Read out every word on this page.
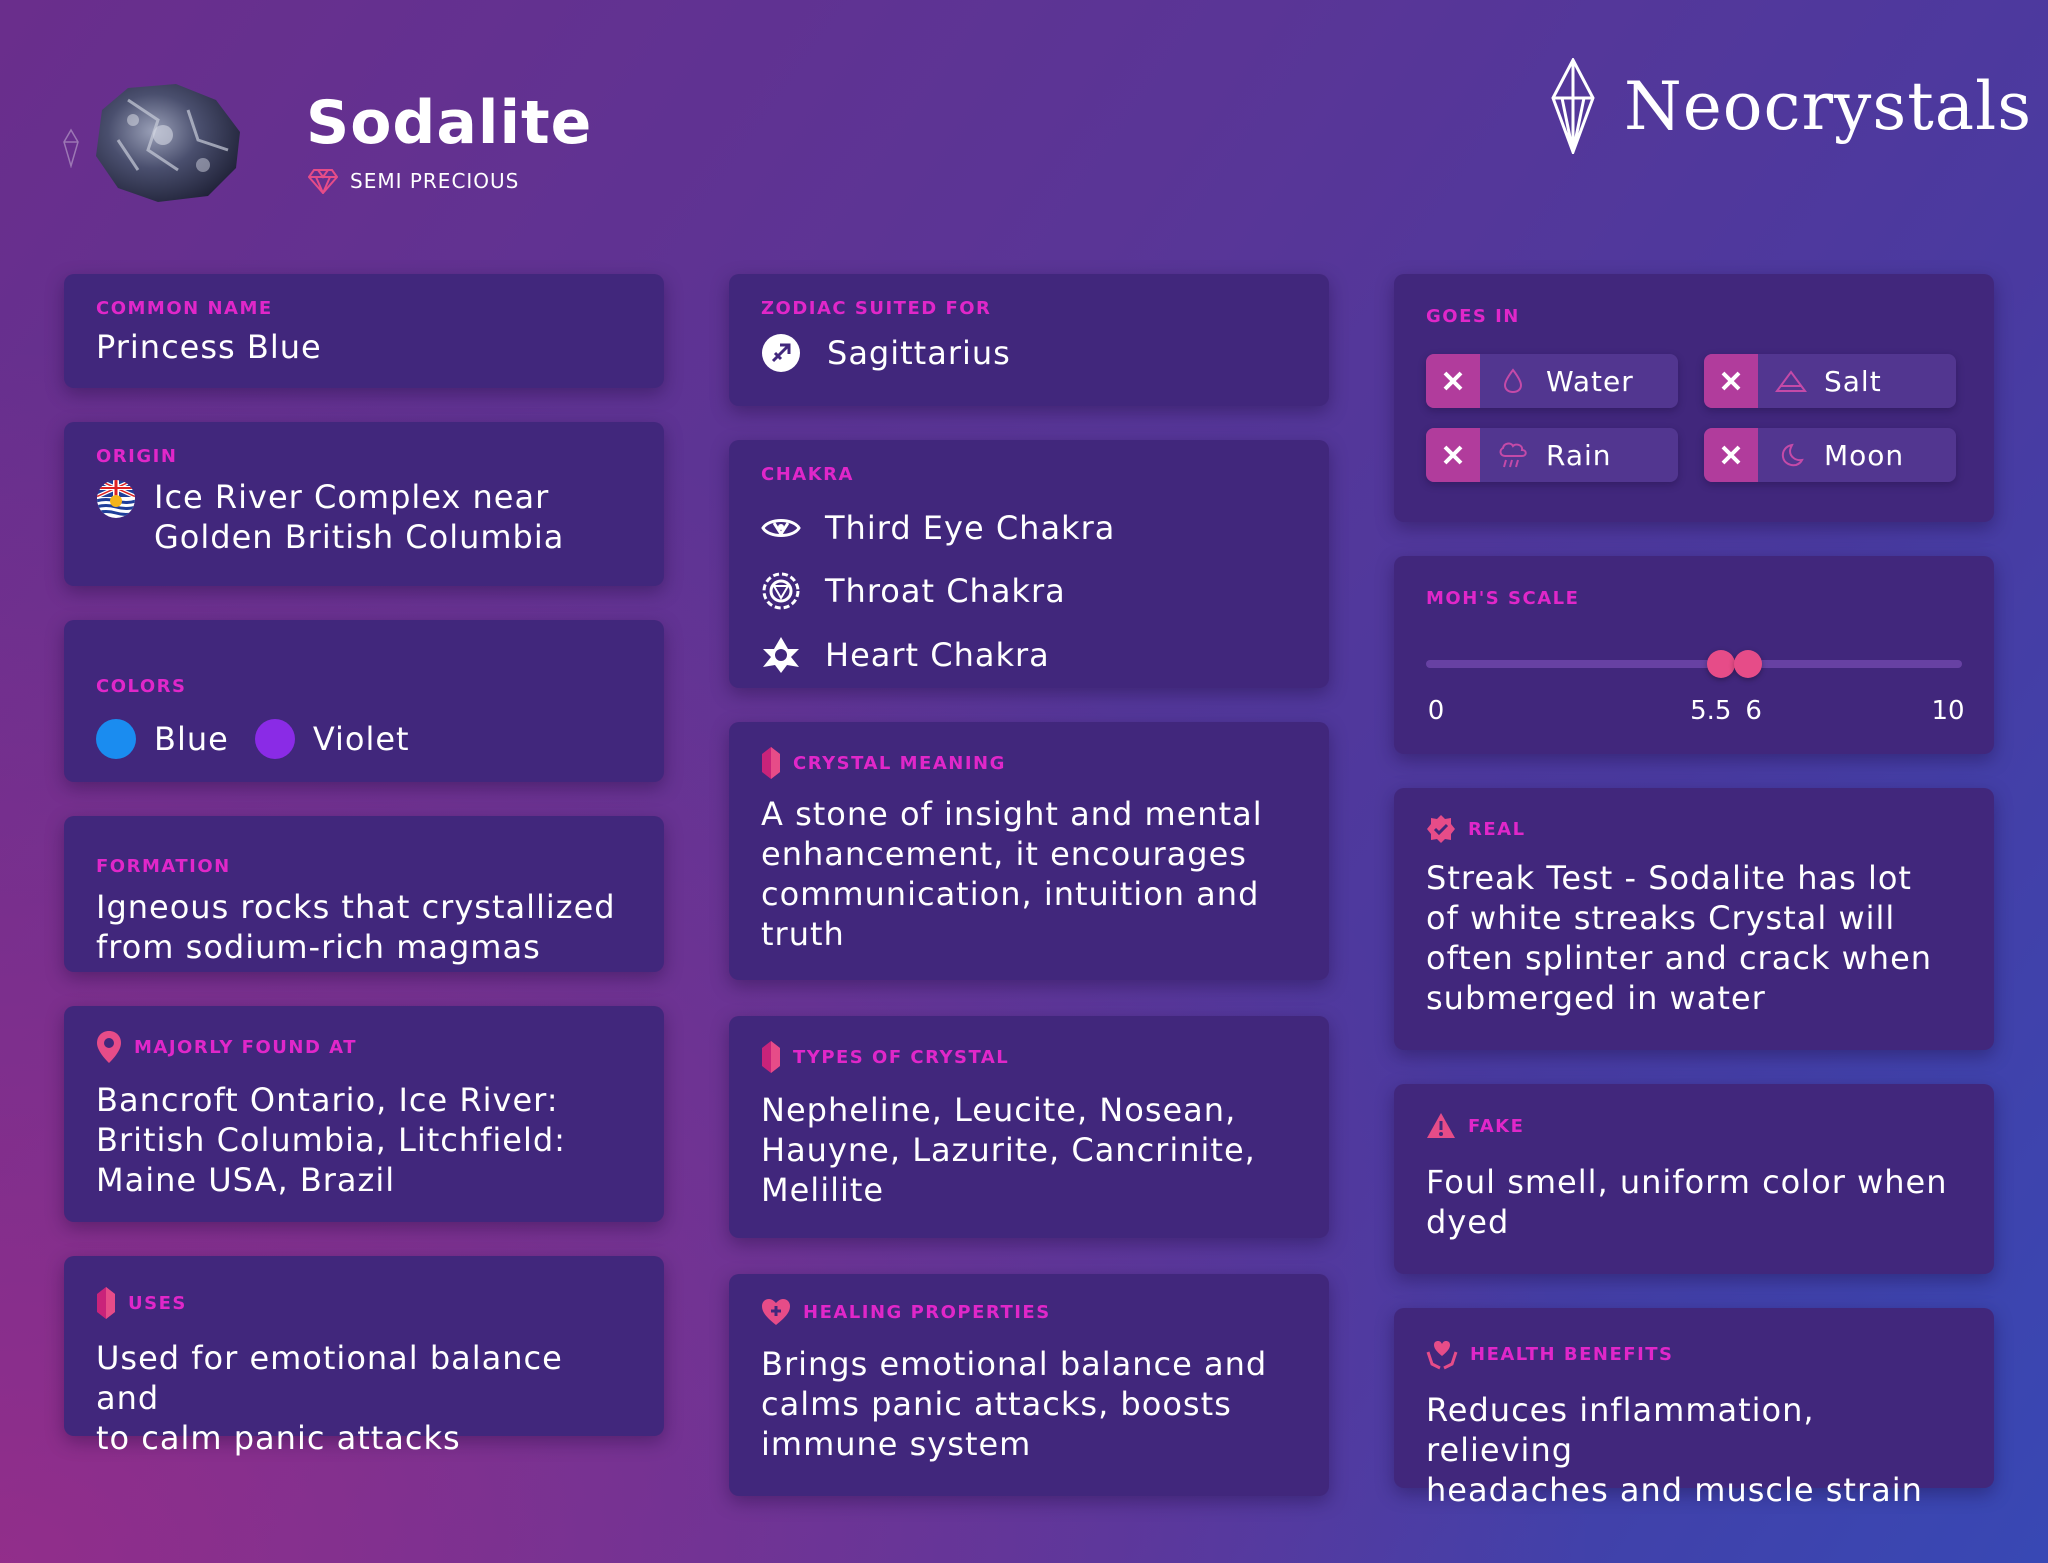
Sodalite
SEMI PRECIOUS
Neocrystals
COMMON NAME
Princess Blue
ORIGIN
Ice River Complex near
Golden British Columbia
COLORS
Blue	Violet
FORMATION
Igneous rocks that crystallized
from sodium-rich magmas
MAJORLY FOUND AT
Bancroft Ontario, Ice River:
British Columbia, Litchfield:
Maine USA, Brazil
USES
Used for emotional balance and
to calm panic attacks
ZODIAC SUITED FOR
Sagittarius
CHAKRA
Third Eye Chakra
Throat Chakra
Heart Chakra
CRYSTAL MEANING
A stone of insight and mental
enhancement, it encourages
communication, intuition and
truth
TYPES OF CRYSTAL
Nepheline, Leucite, Nosean,
Hauyne, Lazurite, Cancrinite,
Melilite
HEALING PROPERTIES
Brings emotional balance and
calms panic attacks, boosts
immune system
GOES IN
Water	Salt
Rain	Moon
MOH'S SCALE
0	5.5 6	10
REAL
Streak Test - Sodalite has lot
of white streaks Crystal will
often splinter and crack when
submerged in water
FAKE
Foul smell, uniform color when
dyed
HEALTH BENEFITS
Reduces inflammation, relieving
headaches and muscle strain
